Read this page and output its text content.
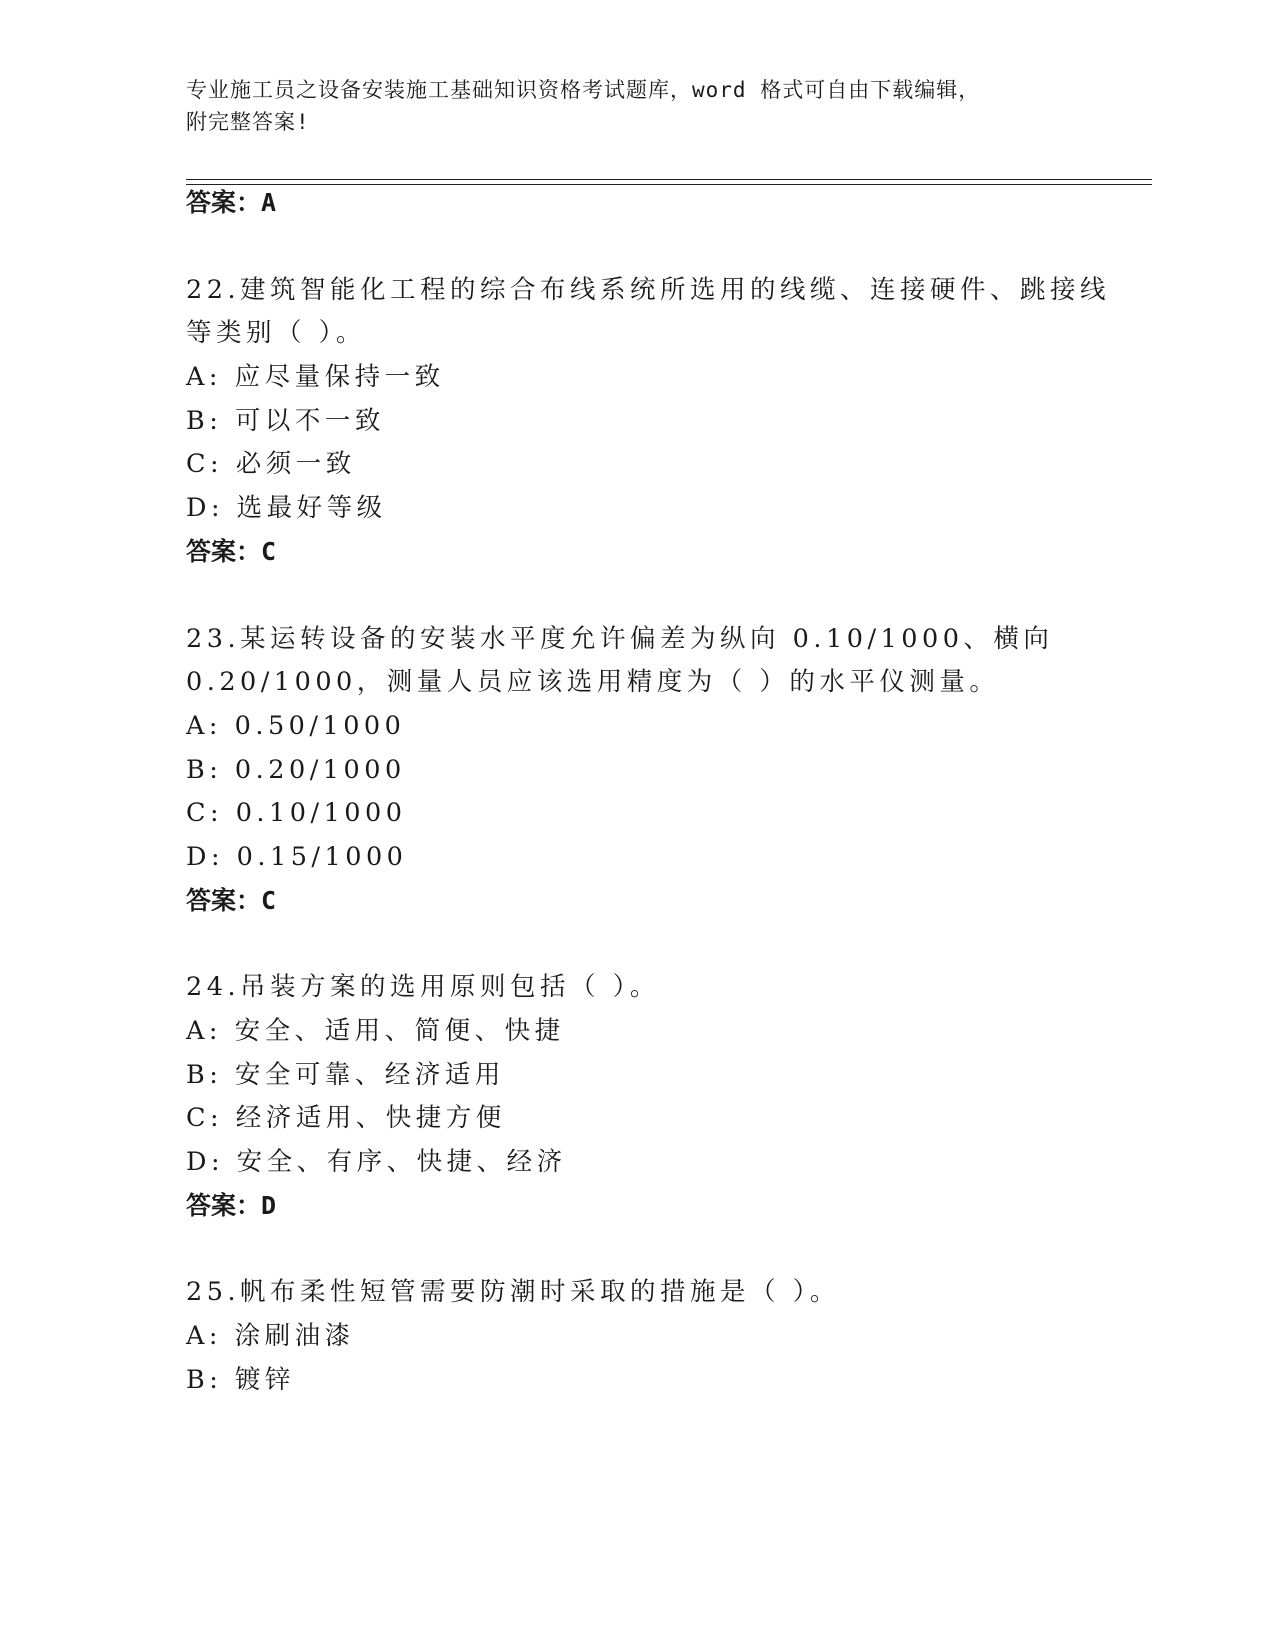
专业施工员之设备安装施工基础知识资格考试题库，word 格式可自由下载编辑，
附完整答案!
答案：A
22.建筑智能化工程的综合布线系统所选用的线缆、连接硬件、跳接线
等类别（ ）。
A: 应尽量保持一致
B: 可以不一致
C: 必须一致
D: 选最好等级
答案：C
23.某运转设备的安装水平度允许偏差为纵向 0.10/1000、横向
0.20/1000，测量人员应该选用精度为（ ）的水平仪测量。
A: 0.50/1000
B: 0.20/1000
C: 0.10/1000
D: 0.15/1000
答案：C
24.吊装方案的选用原则包括（ ）。
A: 安全、适用、简便、快捷
B: 安全可靠、经济适用
C: 经济适用、快捷方便
D: 安全、有序、快捷、经济
答案：D
25.帆布柔性短管需要防潮时采取的措施是（ ）。
A: 涂刷油漆
B: 镀锌
